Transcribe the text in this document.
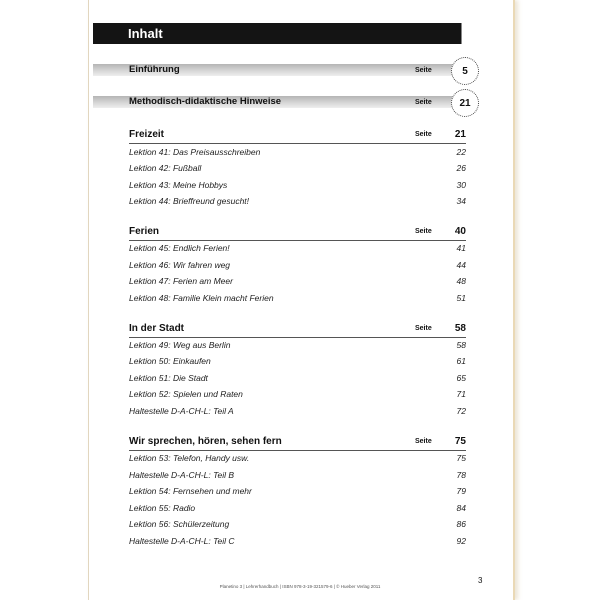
Inhalt
Einführung	Seite	5
Methodisch-didaktische Hinweise	Seite	21
Freizeit	Seite 21
Lektion 41: Das Preisausschreiben	22
Lektion 42: Fußball	26
Lektion 43: Meine Hobbys	30
Lektion 44: Brieffreund gesucht!	34
Ferien	Seite 40
Lektion 45: Endlich Ferien!	41
Lektion 46: Wir fahren weg	44
Lektion 47: Ferien am Meer	48
Lektion 48: Familie Klein macht Ferien	51
In der Stadt	Seite 58
Lektion 49: Weg aus Berlin	58
Lektion 50: Einkaufen	61
Lektion 51: Die Stadt	65
Lektion 52: Spielen und Raten	71
Haltestelle D-A-CH-L: Teil A	72
Wir sprechen, hören, sehen fern	Seite 75
Lektion 53: Telefon, Handy usw.	75
Haltestelle D-A-CH-L: Teil B	78
Lektion 54: Fernsehen und mehr	79
Lektion 55: Radio	84
Lektion 56: Schülerzeitung	86
Haltestelle D-A-CH-L: Teil C	92
Planetino 3 | Lehrerhandbuch | ISBN 978-3-19-321579-6 | © Hueber Verlag 2011
3
